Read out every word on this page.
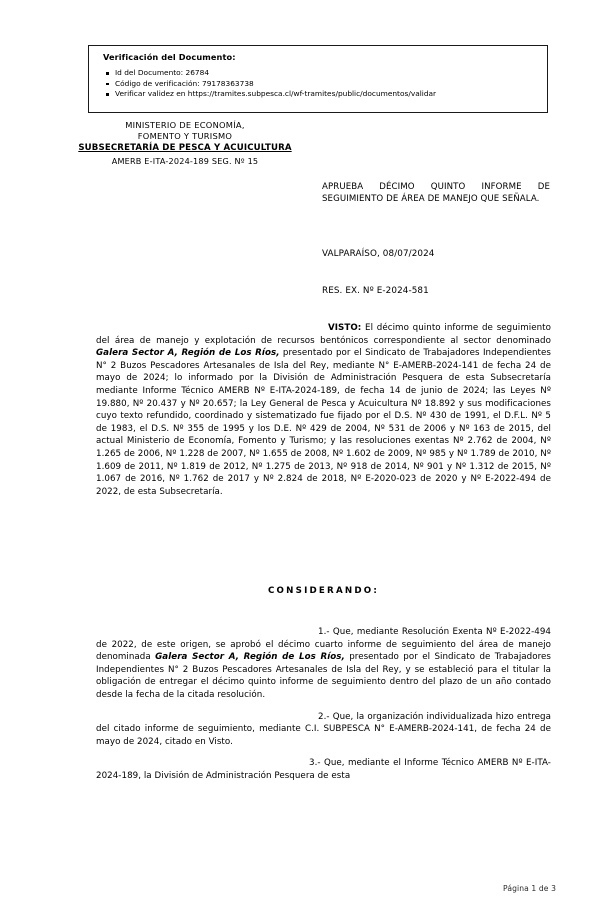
Verificación del Documento:
Id del Documento: 26784
Código de verificación: 79178363738
Verificar validez en https://tramites.subpesca.cl/wf-tramites/public/documentos/validar
MINISTERIO DE ECONOMÍA,
FOMENTO Y TURISMO
SUBSECRETARÍA DE PESCA Y ACUICULTURA
AMERB E-ITA-2024-189 SEG. Nº 15
APRUEBA DÉCIMO QUINTO INFORME DE SEGUIMIENTO DE ÁREA DE MANEJO QUE SEÑALA.
VALPARAÍSO, 08/07/2024
RES. EX. Nº E-2024-581

VISTO: El décimo quinto informe de seguimiento del área de manejo y explotación de recursos bentónicos correspondiente al sector denominado Galera Sector A, Región de Los Ríos, presentado por el Sindicato de Trabajadores Independientes N° 2 Buzos Pescadores Artesanales de Isla del Rey, mediante N° E-AMERB-2024-141 de fecha 24 de mayo de 2024; lo informado por la División de Administración Pesquera de esta Subsecretaría mediante Informe Técnico AMERB Nº E-ITA-2024-189, de fecha 14 de junio de 2024; las Leyes Nº 19.880, Nº 20.437 y Nº 20.657; la Ley General de Pesca y Acuicultura Nº 18.892 y sus modificaciones cuyo texto refundido, coordinado y sistematizado fue fijado por el D.S. Nº 430 de 1991, el D.F.L. Nº 5 de 1983, el D.S. Nº 355 de 1995 y los D.E. Nº 429 de 2004, Nº 531 de 2006 y Nº 163 de 2015, del actual Ministerio de Economía, Fomento y Turismo; y las resoluciones exentas Nº 2.762 de 2004, Nº 1.265 de 2006, Nº 1.228 de 2007, Nº 1.655 de 2008, Nº 1.602 de 2009, Nº 985 y Nº 1.789 de 2010, Nº 1.609 de 2011, Nº 1.819 de 2012, Nº 1.275 de 2013, Nº 918 de 2014, Nº 901 y Nº 1.312 de 2015, Nº 1.067 de 2016, Nº 1.762 de 2017 y Nº 2.824 de 2018, Nº E-2020-023 de 2020 y Nº E-2022-494 de 2022, de esta Subsecretaría.

CONSIDERANDO:

1.- Que, mediante Resolución Exenta Nº E-2022-494 de 2022, de este origen, se aprobó el décimo cuarto informe de seguimiento del área de manejo denominada Galera Sector A, Región de Los Ríos, presentado por el Sindicato de Trabajadores Independientes N° 2 Buzos Pescadores Artesanales de Isla del Rey, y se estableció para el titular la obligación de entregar el décimo quinto informe de seguimiento dentro del plazo de un año contado desde la fecha de la citada resolución.

2.- Que, la organización individualizada hizo entrega del citado informe de seguimiento, mediante C.I. SUBPESCA N° E-AMERB-2024-141, de fecha 24 de mayo de 2024, citado en Visto.

3.- Que, mediante el Informe Técnico AMERB Nº E-ITA-2024-189, la División de Administración Pesquera de esta

Página 1 de 3
